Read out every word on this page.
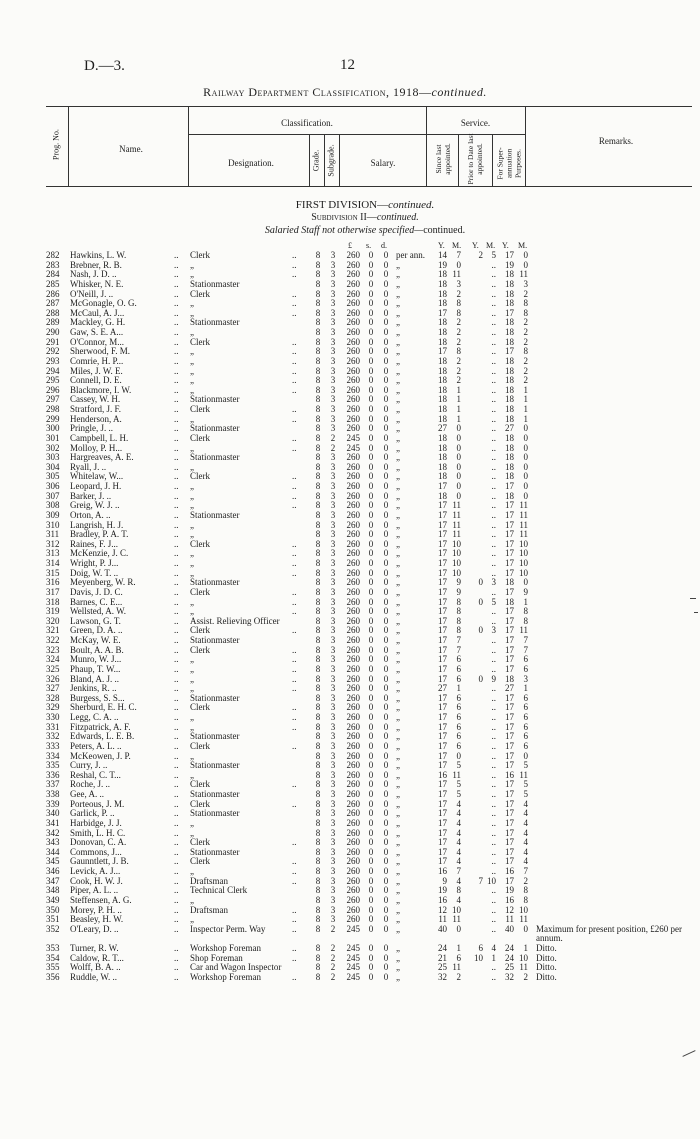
D.—3.	12
Railway Department Classification, 1918—continued.
Prog. No.	Name.
Classification.
Designation.	Grade. Subgrade.	Salary.
Service.
Since last appointed. Prior to Date last appointed. For Super-annuation Purposes.
Remarks.
FIRST DIVISION—continued.
Subdivision II—continued.
Salaried Staff not otherwise specified—continued.
£ s. d.	Y. M. Y. M. Y. M.
282	Hawkins, L. W.	.. Clerk	..	8	3	260 0	0 per ann.	14	7	2 5	17	0
283	Brebner, R. B.	.. „	..	8	3	260 0	0 „	19	0	..	19	0
284	Nash, J. D. ..	.. „	..	8	3	260 0	0 „	18 11	..	18 11
285	Whisker, N. E.	.. Stationmaster	8	3	260 0	0 „	18	3	..	18	3
286	O'Neill, J. ..	.. Clerk	..	8	3	260 0	0 „	18	2	..	18	2
287	McGonagle, O. G.	.. „	..	8	3	260 0	0 „	18	8	..	18	8
288	McCaul, A. J...	.. „	..	8	3	260 0	0 „	17	8	..	17	8
289	Mackley, G. H.	.. Stationmaster	8	3	260 0	0 „	18	2	..	18	2
290	Gaw, S. E. A...	.. „	8	3	260 0	0 „	18	2	..	18	2
291	O'Connor, M...	.. Clerk	..	8	3	260 0	0 „	18	2	..	18	2
292	Sherwood, F. M.	.. „	..	8	3	260 0	0 „	17	8	..	17	8
293	Comrie, H. P...	.. „	..	8	3	260 0	0 „	18	2	..	18	2
294	Miles, J. W. E.	.. „	..	8	3	260 0	0 „	18	2	..	18	2
295	Connell, D. E.	.. „	..	8	3	260 0	0 „	18	2	..	18	2
296	Blackmore, I. W.	.. „	..	8	3	260 0	0 „	18	1	..	18	1
297	Cassey, W. H.	.. Stationmaster	8	3	260 0	0 „	18	1	..	18	1
298	Stratford, J. F.	.. Clerk	..	8	3	260 0	0 „	18	1	..	18	1
299	Henderson, A.	.. „	..	8	3	260 0	0 „	18	1	..	18	1
300	Pringle, J. ..	.. Stationmaster	8	3	260 0	0 „	27	0	..	27	0
301	Campbell, L. H.	.. Clerk	..	8	2	245 0	0 „	18	0	..	18	0
302	Molloy, P. H...	.. „	..	8	2	245 0	0 „	18	0	..	18	0
303	Hargreaves, A. E.	.. Stationmaster	8	3	260 0	0 „	18	0	..	18	0
304	Ryall, J. ..	.. „	8	3	260 0	0 „	18	0	..	18	0
305	Whitelaw, W...	.. Clerk	..	8	3	260 0	0 „	18	0	..	18	0
306	Leopard, J. H.	.. „	..	8	3	260 0	0 „	17	0	..	17	0
307	Barker, J. ..	.. „	..	8	3	260 0	0 „	18	0	..	18	0
308	Greig, W. J. ..	.. „	..	8	3	260 0	0 „	17 11	..	17 11
309	Orton, A. ..	.. Stationmaster	8	3	260 0	0 „	17 11	..	17 11
310	Langrish, H. J.	.. „	8	3	260 0	0 „	17 11	..	17 11
311	Bradley, P. A. T.	.. „	8	3	260 0	0 „	17 11	..	17 11
312	Raines, F. J...	.. Clerk	..	8	3	260 0	0 „	17 10	..	17 10
313	McKenzie, J. C.	.. „	..	8	3	260 0	0 „	17 10	..	17 10
314	Wright, P. J...	.. „	..	8	3	260 0	0 „	17 10	..	17 10
315	Doig, W. T. ..	.. „	..	8	3	260 0	0 „	17 10	..	17 10
316	Meyenberg, W. R.	.. Stationmaster	8	3	260 0	0 „	17	9	0 3	18	0
317	Davis, J. D. C.	.. Clerk	..	8	3	260 0	0 „	17	9	..	17	9
318	Barnes, C. E...	.. „	..	8	3	260 0	0 „	17	8	0 5	18	1
319	Wellsted, A. W.	.. „	..	8	3	260 0	0 „	17	8	..	17	8
320	Lawson, G. T.	.. Assist. Relieving Officer	8	3	260 0	0 „	17	8	..	17	8
321	Green, D. A. ..	.. Clerk	..	8	3	260 0	0 „	17	8	0 3	17 11
322	McKay, W. E.	.. Stationmaster	8	3	260 0	0 „	17	7	..	17	7
323	Boult, A. A. B.	.. Clerk	..	8	3	260 0	0 „	17	7	..	17	7
324	Munro, W. J...	.. „	..	8	3	260 0	0 „	17	6	..	17	6
325	Phaup, T. W...	.. „	..	8	3	260 0	0 „	17	6	..	17	6
326	Bland, A. J. ..	.. „	..	8	3	260 0	0 „	17	6	0 9	18	3
327	Jenkins, R. ..	.. „	..	8	3	260 0	0 „	27	1	..	27	1
328	Burgess, S. S...	.. Stationmaster	8	3	260 0	0 „	17	6	..	17	6
329	Sherburd, E. H. C.	.. Clerk	..	8	3	260 0	0 „	17	6	..	17	6
330	Legg, C. A. ..	.. „	..	8	3	260 0	0 „	17	6	..	17	6
331	Fitzpatrick, A. F.	.. „	..	8	3	260 0	0 „	17	6	..	17	6
332	Edwards, L. E. B.	.. Stationmaster	8	3	260 0	0 „	17	6	..	17	6
333	Peters, A. L. ..	.. Clerk	..	8	3	260 0	0 „	17	6	..	17	6
334	McKeowen, J. P.	.. „	8	3	260 0	0 „	17	0	..	17	0
335	Curry, J. ..	.. Stationmaster	8	3	260 0	0 „	17	5	..	17	5
336	Reshal, C. T...	.. „	8	3	260 0	0 „	16 11	..	16 11
337	Roche, J. ..	.. Clerk	..	8	3	260 0	0 „	17	5	..	17	5
338	Gee, A. ..	.. Stationmaster	8	3	260 0	0 „	17	5	..	17	5
339	Porteous, J. M.	.. Clerk	..	8	3	260 0	0 „	17	4	..	17	4
340	Garlick, P. ..	.. Stationmaster	8	3	260 0	0 „	17	4	..	17	4
341	Harbidge, J. J.	.. „	8	3	260 0	0 „	17	4	..	17	4
342	Smith, L. H. C.	.. „	8	3	260 0	0 „	17	4	..	17	4
343	Donovan, C. A.	.. Clerk	..	8	3	260 0	0 „	17	4	..	17	4
344	Commons, J...	.. Stationmaster	8	3	260 0	0 „	17	4	..	17	4
345	Gaunntlett, J. B.	.. Clerk	..	8	3	260 0	0 „	17	4	..	17	4
346	Levick, A. J...	.. „	..	8	3	260 0	0 „	16	7	..	16	7
347	Cook, H. W. J.	.. Draftsman	..	8	3	260 0	0 „	9	4	7 10	17	2
348	Piper, A. L. ..	.. Technical Clerk	8	3	260 0	0 „	19	8	..	19	8
349	Steffensen, A. G.	.. „	8	3	260 0	0 „	16	4	..	16	8
350	Morey, P. H. ..	.. Draftsman	..	8	3	260 0	0 „	12 10	..	12 10
351	Beasley, H. W.	.. „	..	8	3	260 0	0 „	11 11	..	11 11
352	O'Leary, D. ..	.. Inspector Perm. Way	..	8	2	245 0	0 „	40	0	..	40	0 Maximum for present position, £260 per annum.
353	Turner, R. W.	.. Workshop Foreman	..	8	2	245 0	0 „	24	1	6 4	24	1 Ditto.
354	Caldow, R. T...	.. Shop Foreman	..	8	2	245 0	0 „	21	6	10 1	24 10 Ditto.
355	Wolff, B. A. ..	.. Car and Wagon Inspector	8	2	245 0	0 „	25 11	..	25 11 Ditto.
356	Ruddle, W. ..	.. Workshop Foreman	..	8	2	245 0	0 „	32	2	..	32	2 Ditto.
